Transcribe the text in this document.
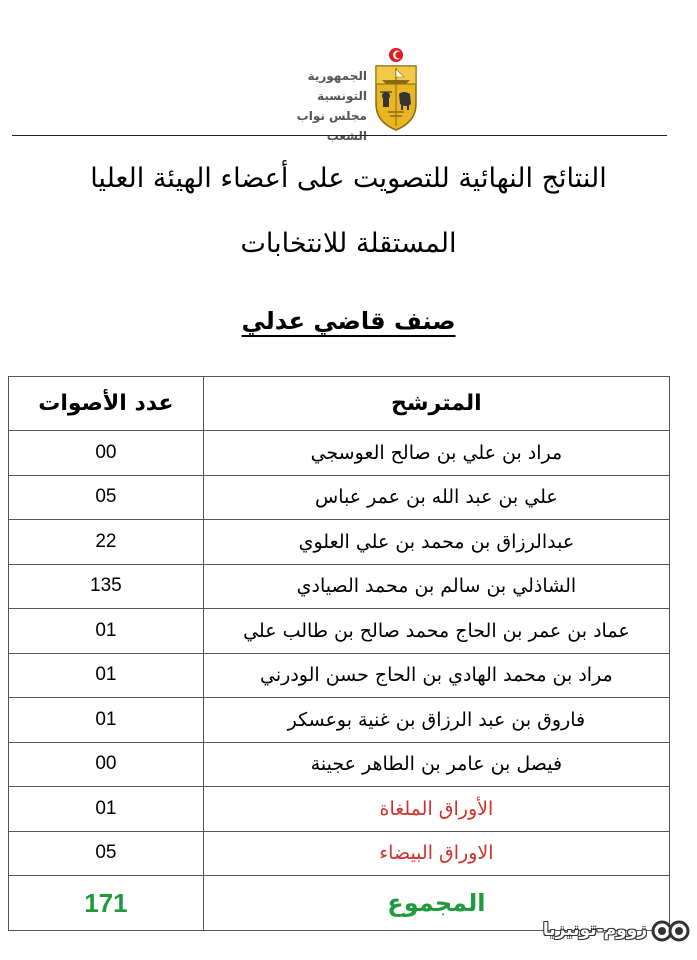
الجمهورية التونسية
مجلس نواب الشعب
النتائج النهائية للتصويت على أعضاء الهيئة العليا
المستقلة للانتخابات
صنف قاضي عدلي
عدد الأصوات	المترشح
00	مراد بن علي بن صالح العوسجي
05	علي بن عبد الله بن عمر عباس
22	عبدالرزاق بن محمد بن علي العلوي
135	الشاذلي بن سالم بن محمد الصيادي
01	عماد بن عمر بن الحاج محمد صالح بن طالب علي
01	مراد بن محمد الهادي بن الحاج حسن الودرني
01	فاروق بن عبد الرزاق بن غنية بوعسكر
00	فيصل بن عامر بن الطاهر عجينة
01	الأوراق الملغاة
05	الاوراق البيضاء
171	المجموع
زووم-تونيزيا
